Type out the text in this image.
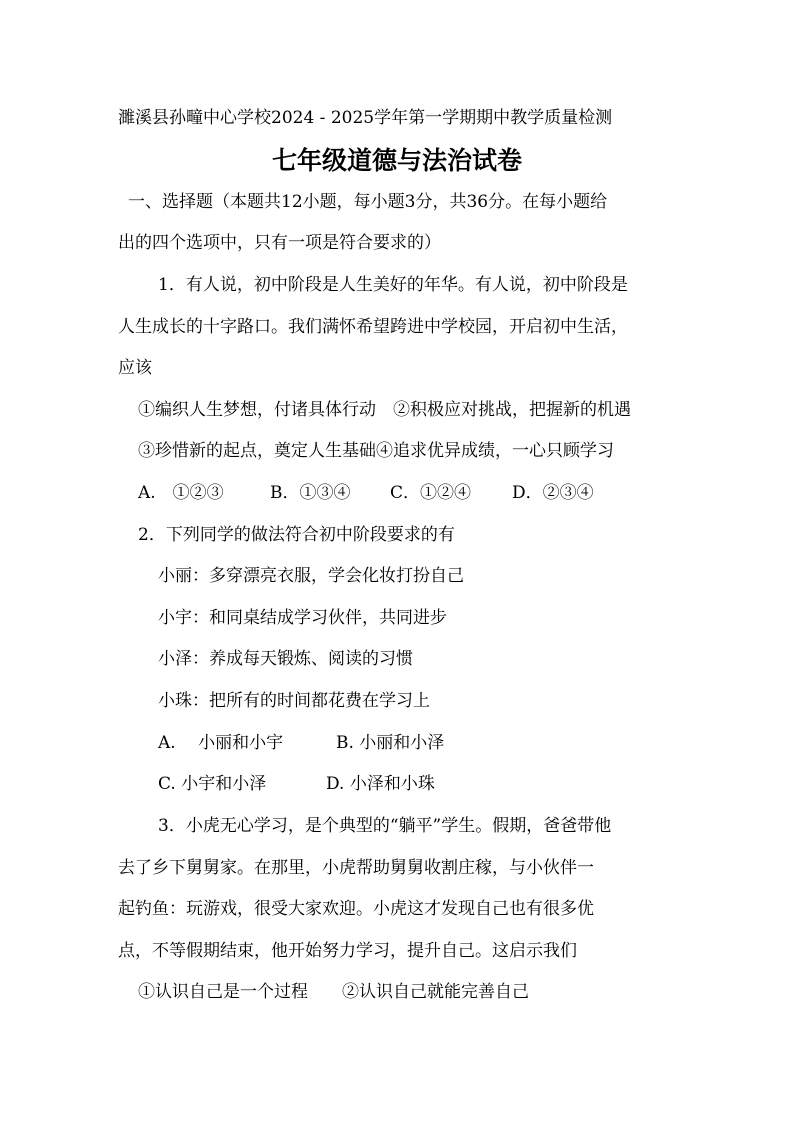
濉溪县孙疃中心学校2024 - 2025学年第一学期期中教学质量检测
七年级道德与法治试卷
一、选择题（本题共12小题，每小题3分，共36分。在每小题给
出的四个选项中，只有一项是符合要求的）
1．有人说，初中阶段是人生美好的年华。有人说，初中阶段是
人生成长的十字路口。我们满怀希望跨进中学校园，开启初中生活，
应该
①编织人生梦想，付诸具体行动　②积极应对挑战，把握新的机遇
③珍惜新的起点，奠定人生基础④追求优异成绩，一心只顾学习
A.　①②③	B．①③④ C．①②④ D．②③④
2．下列同学的做法符合初中阶段要求的有
小丽：多穿漂亮衣服，学会化妆打扮自己
小宇：和同桌结成学习伙伴，共同进步
小泽：养成每天锻炼、阅读的习惯
小珠：把所有的时间都花费在学习上
A.　 小丽和小宇	B. 小丽和小泽
C. 小宇和小泽	D. 小泽和小珠
3．小虎无心学习，是个典型的“躺平”学生。假期，爸爸带他
去了乡下舅舅家。在那里，小虎帮助舅舅收割庄稼，与小伙伴一
起钓鱼：玩游戏，很受大家欢迎。小虎这才发现自己也有很多优
点，不等假期结束，他开始努力学习，提升自己。这启示我们
①认识自己是一个过程　　②认识自己就能完善自己
